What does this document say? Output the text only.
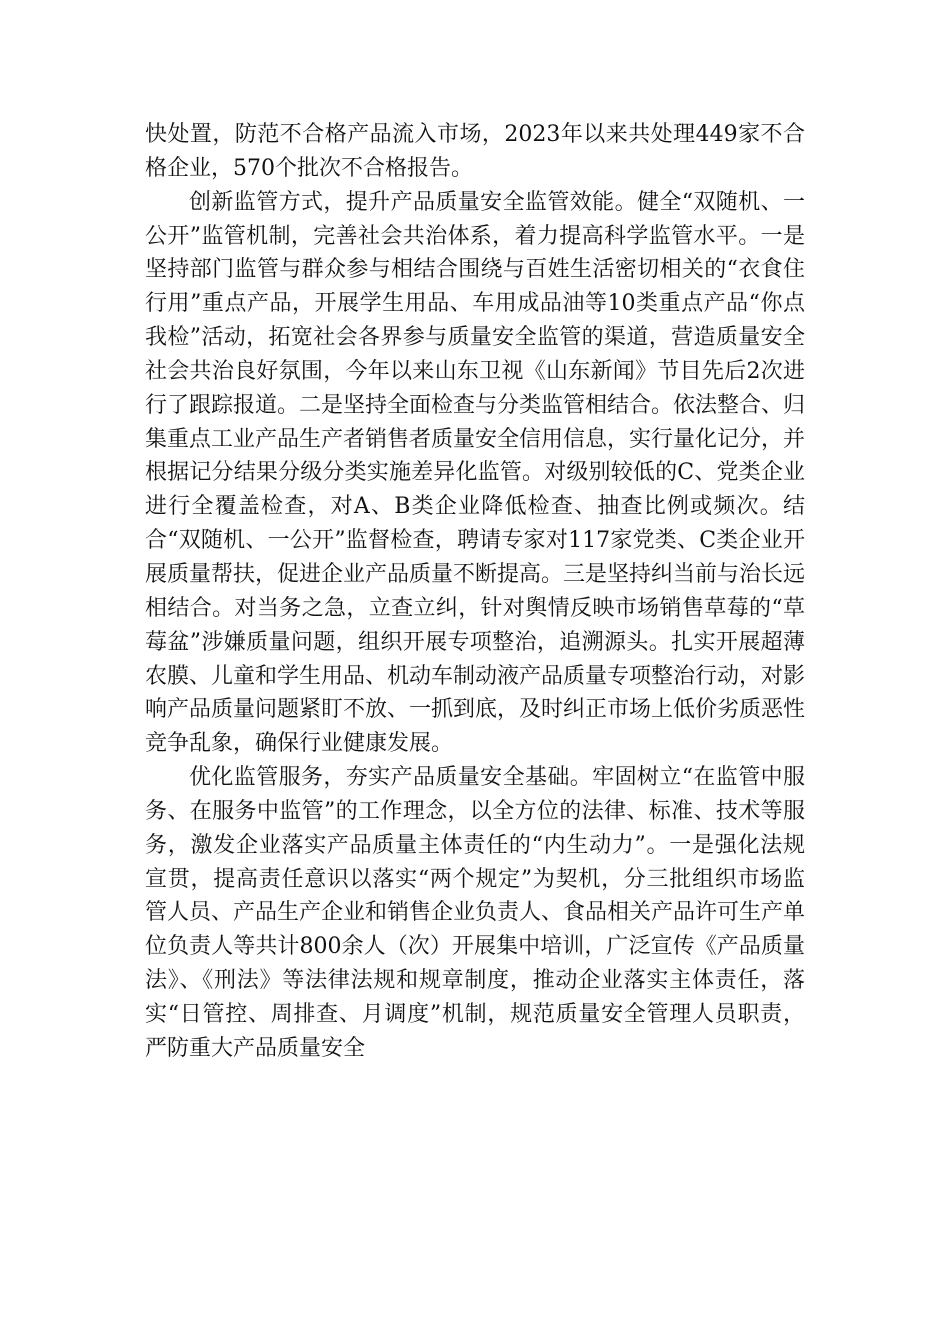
快处置，防范不合格产品流入市场，2023年以来共处理449家不合格企业，570个批次不合格报告。

创新监管方式，提升产品质量安全监管效能。健全“双随机、一公开”监管机制，完善社会共治体系，着力提高科学监管水平。一是坚持部门监管与群众参与相结合围绕与百姓生活密切相关的“衣食住行用”重点产品，开展学生用品、车用成品油等10类重点产品“你点我检”活动，拓宽社会各界参与质量安全监管的渠道，营造质量安全社会共治良好氛围，今年以来山东卫视《山东新闻》节目先后2次进行了跟踪报道。二是坚持全面检查与分类监管相结合。依法整合、归集重点工业产品生产者销售者质量安全信用信息，实行量化记分，并根据记分结果分级分类实施差异化监管。对级别较低的C、党类企业进行全覆盖检查，对A、B类企业降低检查、抽查比例或频次。结合“双随机、一公开”监督检查，聘请专家对117家党类、C类企业开展质量帮扶，促进企业产品质量不断提高。三是坚持纠当前与治长远相结合。对当务之急，立查立纠，针对舆情反映市场销售草莓的“草莓盆”涉嫌质量问题，组织开展专项整治，追溯源头。扎实开展超薄农膜、儿童和学生用品、机动车制动液产品质量专项整治行动，对影响产品质量问题紧盯不放、一抓到底，及时纠正市场上低价劣质恶性竞争乱象，确保行业健康发展。

优化监管服务，夯实产品质量安全基础。牢固树立“在监管中服务、在服务中监管”的工作理念，以全方位的法律、标准、技术等服务，激发企业落实产品质量主体责任的“内生动力”。一是强化法规宣贯，提高责任意识以落实“两个规定”为契机，分三批组织市场监管人员、产品生产企业和销售企业负责人、食品相关产品许可生产单位负责人等共计800余人（次）开展集中培训，广泛宣传《产品质量法》、《刑法》等法律法规和规章制度，推动企业落实主体责任，落实“日管控、周排查、月调度”机制，规范质量安全管理人员职责，严防重大产品质量安全
